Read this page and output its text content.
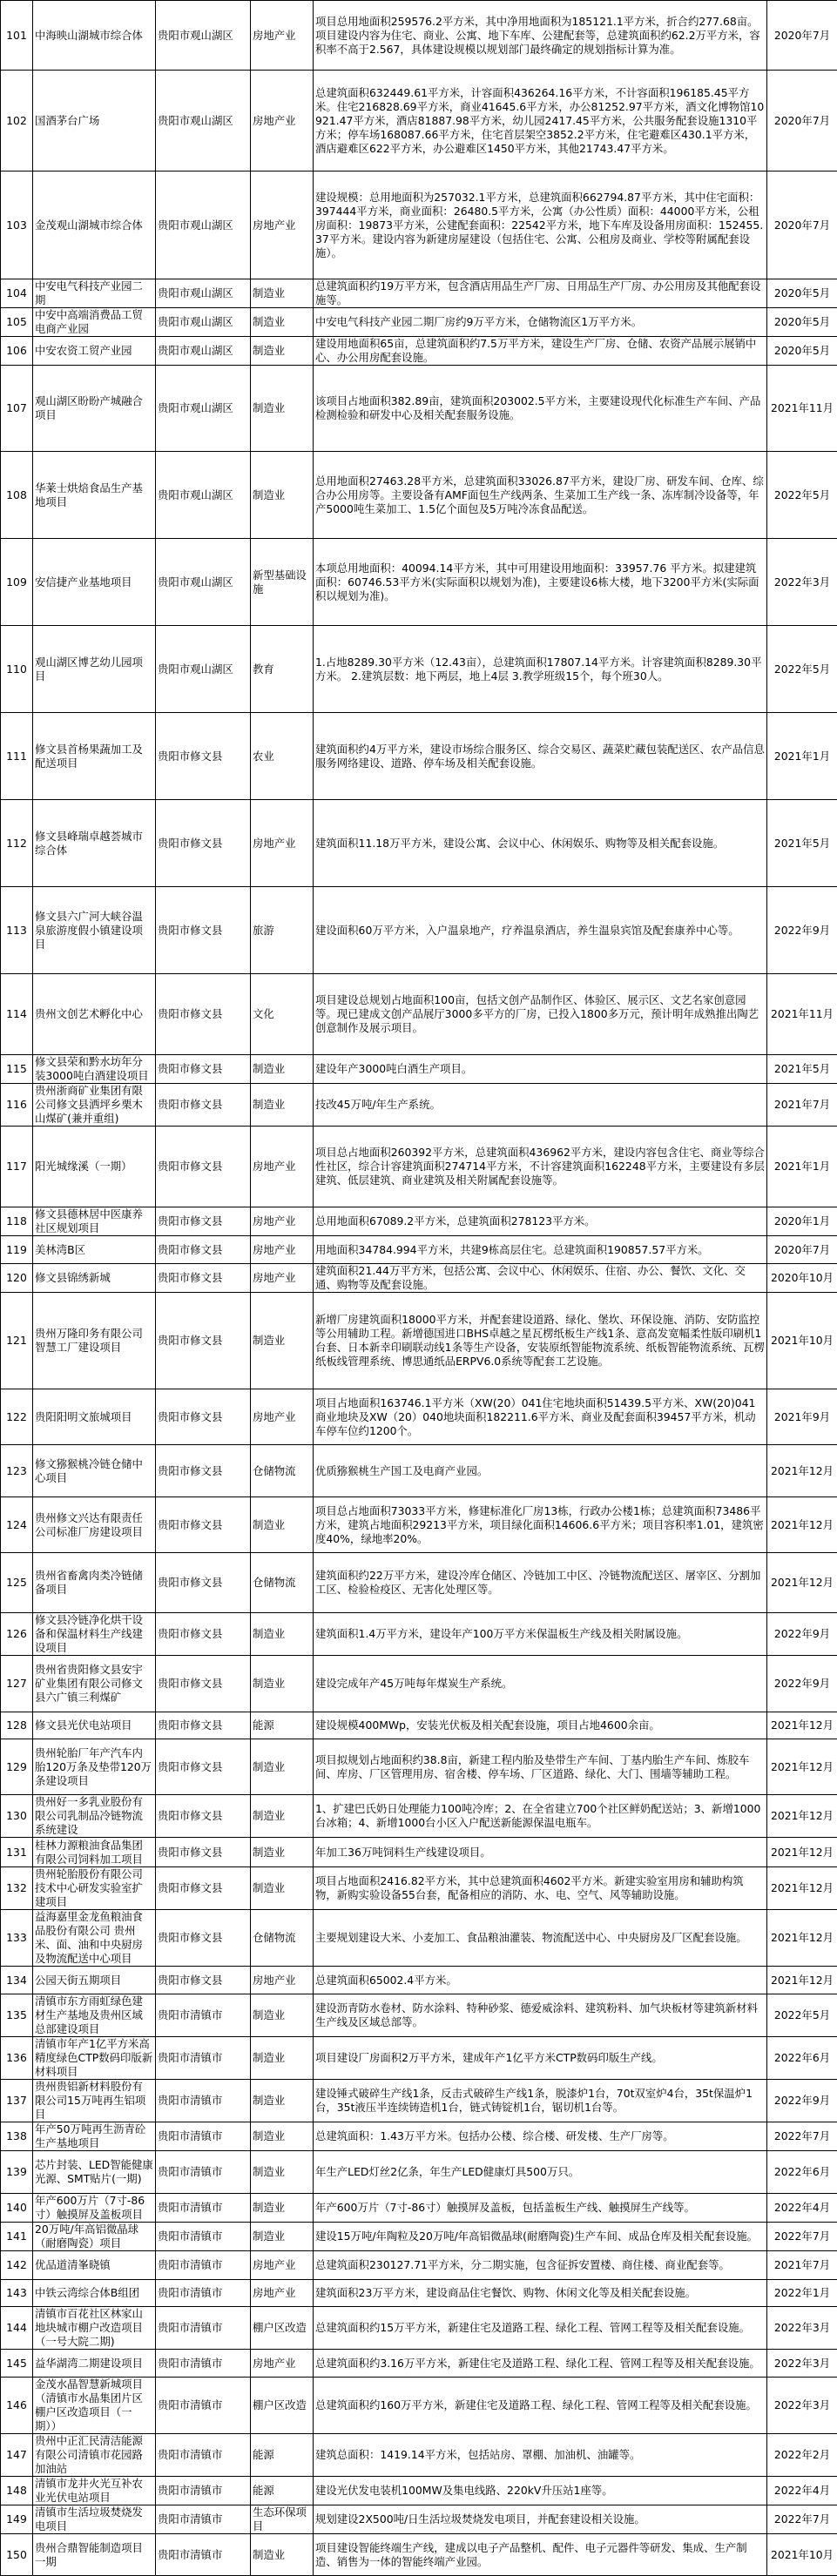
101	中海映山湖城市综合体	贵阳市观山湖区	房地产业	项目总用地面积259576.2平方米，其中净用地面积为185121.1平方米，折合约277.68亩。项目建设内容为住宅、商业、公寓、地下车库、公建配套等，总建筑面积约62.2万平方米，容积率不高于2.567，具体建设规模以规划部门最终确定的规划指标计算为准。	2020年7月
102	国酒茅台广场	贵阳市观山湖区	房地产业	总建筑面积632449.61平方米，计容面积436264.16平方米，不计容面积196185.45平方米。住宅216828.69平方米，商业41645.6平方米，办公81252.97平方米，酒文化博物馆10921.47平方米，酒店81887.98平方米，幼儿园2417.45平方米，公共服务配套设施1310平方米；停车场168087.66平方米，住宅首层架空3852.2平方米，住宅避难区430.1平方米，酒店避难区622平方米，办公避难区1450平方米，其他21743.47平方米。	2020年7月
103	金茂观山湖城市综合体	贵阳市观山湖区	房地产业	建设规模：总用地面积为257032.1平方米，总建筑面积662794.87平方米，其中住宅面积：397444平方米，商业面积：26480.5平方米，公寓（办公性质）面积：44000平方米，公租房面积：19873平方米，公建配套面积：22542平方米，地下车库及设备用房面积：152455.37平方米。建设内容为新建房屋建设（包括住宅、公寓、公租房及商业、学校等附属配套设施）。	2020年7月
104	中安电气科技产业园二期	贵阳市观山湖区	制造业	总建筑面积约19万平方米，包含酒店用品生产厂房、日用品生产厂房、办公用房及其他配套设施等。	2020年5月
105	中安中高端消费品工贸电商产业园	贵阳市观山湖区	制造业	中安电气科技产业园二期厂房约9万平方米，仓储物流区1万平方米。	2020年5月
106	中安农资工贸产业园	贵阳市观山湖区	制造业	建设用地面积65亩，总建筑面积约7.5万平方米，建设生产厂房、仓储、农资产品展示展销中心、办公用房配套设施。	2020年5月
107	观山湖区盼盼产城融合项目	贵阳市观山湖区	制造业	该项目占地面积382.89亩，建筑面积203002.5平方米，主要建设现代化标准生产车间、产品检测检验和研发中心及相关配套服务设施。	2021年11月
108	华莱士烘焙食品生产基地项目	贵阳市观山湖区	制造业	总用地面积27463.28平方米，总建筑面积33026.87平方米，建设厂房、研发车间、仓库、综合办公用房等。主要设备有AMF面包生产线两条、生菜加工生产线一条、冻库制冷设备等，年产5000吨生菜加工、1.5亿个面包及5万吨冷冻食品配送。	2022年5月
109	安信捷产业基地项目	贵阳市观山湖区	新型基础设施	本项总用地面积：40094.14平方米，其中可用建设用地面积：33957.76 平方米。拟建建筑面积：60746.53平方米(实际面积以规划为准)，主要建设6栋大楼，地下3200平方米(实际面积以规划为准)。	2022年3月
110	观山湖区博艺幼儿园项目	贵阳市观山湖区	教育	1.占地8289.30平方米（12.43亩），总建筑面积17807.14平方米。计容建筑面积8289.30平方米。 2.建筑层数：地下两层，地上4层 3.教学班级15个，每个班30人。	2022年5月
111	修文县首杨果蔬加工及配送项目	贵阳市修文县	农业	建筑面积约4万平方米，建设市场综合服务区、综合交易区、蔬菜贮藏包装配送区、农产品信息服务网络建设、道路、停车场及相关配套设施。	2021年1月
112	修文县峰瑞卓越荟城市综合体	贵阳市修文县	房地产业	建筑面积11.18万平方米，建设公寓、会议中心、休闲娱乐、购物等及相关配套设施。	2021年5月
113	修文县六广河大峡谷温泉旅游度假小镇建设项目	贵阳市修文县	旅游	建设面积60万平方米，入户温泉地产，疗养温泉酒店，养生温泉宾馆及配套康养中心等。	2022年9月
114	贵州文创艺术孵化中心	贵阳市修文县	文化	项目建设总规划占地面积100亩，包括文创产品制作区、体验区、展示区、文艺名家创意园等。现已建成文创产品展厅3000多平方的厂房，已投入1800多万元，预计明年成熟推出陶艺创意制作及展示项目。	2021年11月
115	修文县荣和黔水坊年分装3000吨白酒建设项目	贵阳市修文县	制造业	建设年产3000吨白酒生产项目。	2021年5月
116	贵州浙商矿业集团有限公司修文县洒坪乡栗木山煤矿(兼并重组)	贵阳市修文县	制造业	技改45万吨/年生产系统。	2021年7月
117	阳光城缘溪（一期）	贵阳市修文县	房地产业	项目总占地面积260392平方米，总建筑面积436962平方米，建设内容包含住宅、商业等综合性社区，综合计容建筑面积274714平方米，不计容建筑面积162248平方米，主要建设有多层建筑、低层建筑、商业建筑及相关附属配套设施等。	2021年1月
118	修文县德林居中医康养社区规划项目	贵阳市修文县	房地产业	总用地面积67089.2平方米，总建筑面积278123平方米。	2020年1月
119	美林湾B区	贵阳市修文县	房地产业	用地面积34784.994平方米，共建9栋高层住宅。总建筑面积190857.57平方米。	2020年7月
120	修文县锦绣新城	贵阳市修文县	房地产业	建筑面积21.44万平方米，包括公寓、会议中心、休闲娱乐、住宿、办公、餐饮、文化、交通、购物等及配套设施。	2020年10月
121	贵州万隆印务有限公司智慧工厂建设项目	贵阳市修文县	制造业	新增厂房建筑面积18000平方米，并配套建设道路、绿化、堡坎、环保设施、消防、安防监控等公用辅助工程。新增德国进口BHS卓越之星瓦楞纸板生产线1条、意高发宽幅柔性版印刷机1台套、日本新幸印刷联动线1条等生产设备，安装原纸智能物流系统、纸板智能物流系统、瓦楞纸板线管理系统、博思通纸品ERPV6.0系统等配套工艺设施。	2021年10月
122	贵阳阳明文旅城项目	贵阳市修文县	房地产业	项目占地面积163746.1平方米（XW(20）041住宅地块面积51439.5平方米、XW(20)041商业地块及XW（20）040地块面积182211.6平方米、商业及配套面积39457平方米，机动车停车位约1200个。	2021年9月
123	修文猕猴桃冷链仓储中心项目	贵阳市修文县	仓储物流	优质猕猴桃生产国工及电商产业园。	2021年12月
124	贵州修文兴达有限责任公司标准厂房建设项目	贵阳市修文县	制造业	项目总占地面积73033平方米，修建标准化厂房13栋，行政办公楼1栋；总建筑面积73486平方米，建筑占地面积29213平方米，项目绿化面积14606.6平方米；项目容积率1.01，建筑密度40%，绿地率20%。	2021年12月
125	贵州省畜禽肉类冷链储备项目	贵阳市修文县	仓储物流	建筑面积约22万平方米，建设冷库仓储区、冷链加工中区、冷链物流配送区、屠宰区、分割加工区、检验检疫区、无害化处理区等。	2021年12月
126	修文县冷链净化烘干设备和保温材料生产线建设项目	贵阳市修文县	制造业	建筑面积1.4万平方米，建设年产100万平方米保温板生产线及相关附属设施。	2022年9月
127	贵州省贵阳修文县安宇矿业集团有限公司修文县六广镇三利煤矿	贵阳市修文县	制造业	建设完成年产45万吨每年煤炭生产系统。	2022年9月
128	修文县光伏电站项目	贵阳市修文县	能源	建设规模400MWp，安装光伏板及相关配套设施，项目占地4600余亩。	2021年12月
129	贵州轮胎厂年产汽车内胎120万条及垫带120万条建设项目	贵阳市修文县	制造业	项目拟规划占地面积约38.8亩，新建工程内胎及垫带生产车间、丁基内胎生产车间、炼胶车间、库房、厂区管理用房、宿舍楼、停车场、厂区道路、绿化、大门、围墙等辅助工程。	2021年12月
130	贵州好一多乳业股份有限公司乳制品冷链物流系统建设	贵阳市修文县	制造业	1、扩建巴氏奶日处理能力100吨冷库；2、在全省建立700个社区鲜奶配送站；3、新增1000台冰箱；4、新增1000台小区入户配送新能源保温电瓶车。	2021年12月
131	桂林力源粮油食品集团有限公司饲料加工项目	贵阳市修文县	制造业	年加工36万吨饲料生产线建设项目。	2021年12月
132	贵州轮胎股份有限公司技术中心研发实验室扩建项目	贵阳市修文县	制造业	项目占地面积2416.82平方米，其中总建筑面积4602平方米。新建实验室用房和辅助构筑物，新购实验设备55台套，配备相应的消防、水、电、空气、风等辅助设施。	2021年12月
133	益海嘉里金龙鱼粮油食品股份有限公司 贵州米、面、油和中央厨房及物流配送中心项目	贵阳市修文县	仓储物流	主要规划建设大米、小麦加工、食品粮油灌装、物流配送中心、中央厨房及厂区配套设施。	2021年12月
134	公园天街五期项目	贵阳市修文县	房地产业	总建筑面积65002.4平方米。	2021年12月
135	清镇市东方雨虹绿色建材生产基地及贵州区域总部建设项目	贵阳市清镇市	制造业	建设沥青防水卷材、防水涂料、特种砂浆、德爱威涂料、建筑粉料、加气块板材等建筑新材料生产线及区域总部等。	2022年5月
136	清镇市年产1亿平方米高精度绿色CTP数码印版新材料项目	贵阳市清镇市	制造业	项目建设厂房面积2万平方米，建成年产1亿平方米CTP数码印版生产线。	2022年6月
137	贵州贵铝新材料股份有限公司15万吨再生铝项目	贵阳市清镇市	制造业	建设锤式破碎生产线1条，反击式破碎生产线1条，脱漆炉1台，70t双室炉4台，35t保温炉1台，35t液压半连续铸造机1台，链式铸锭机1台，锯切机1台等。	2022年9月
138	年产50万吨再生沥青砼生产基地项目	贵阳市清镇市	制造业	总建筑面积：1.43万平方米。包括办公楼、综合楼、研发楼、生产厂房等。	2022年7月
139	芯片封装、LED智能健康光源、SMT贴片(一期)	贵阳市清镇市	制造业	年生产LED灯丝2亿条，年生产LED健康灯具500万只。	2022年6月
140	年产600万片（7寸-86寸）触摸屏及盖板项目	贵阳市清镇市	制造业	年产600万片（7寸-86寸）触摸屏及盖板，包括盖板生产线、触摸屏生产线等。	2022年4月
141	20万吨/年高铝微晶球（耐磨陶瓷）项目	贵阳市清镇市	制造业	建设15万吨/年陶粒及20万吨/年高铝微晶球(耐磨陶瓷)生产车间、成品仓库及相关配套设施。	2022年7月
142	优品道清峯晓镇	贵阳市清镇市	房地产业	总建筑面积230127.71平方米，分二期实施，包含征拆安置楼、商住楼、商业配套等。	2021年7月
143	中铁云湾综合体B组团	贵阳市清镇市	房地产业	建筑面积23万平方米，建设商品住宅餐饮、购物、休闲文化等及相关配套设施。	2022年1月
144	清镇市百花社区林家山地块城市棚户改造项目（一号大院二期)	贵阳市清镇市	棚户区改造	总建筑面积约15万平方米，新建住宅及道路工程、绿化工程、管网工程等及相关配套设施。	2022年3月
145	益华湖湾二期建设项目	贵阳市清镇市	房地产业	总建筑面积约3.16万平方米，新建住宅及道路工程、绿化工程、管网工程等及相关配套设施。	2022年3月
146	金茂水晶智慧新城项目（清镇市水晶集团片区棚户区改造项目（一期））	贵阳市清镇市	棚户区改造	总建筑面积约160万平方米，新建住宅及道路工程、绿化工程、管网工程等及相关配套设施。	2022年3月
147	贵州中正汇民清洁能源有限公司清镇市花园路加油站	贵阳市清镇市	能源	建筑总面积：1419.14平方米，包括站房、罩棚、加油机、油罐等。	2022年2月
148	清镇市龙井火光互补农业光伏电站项目	贵阳市清镇市	能源	建设光伏发电装机100MW及集电线路、220kV升压站1座等。	2022年4月
149	清镇市生活垃圾焚烧发电项目	贵阳市清镇市	生态环保项目	规划建设2X500吨/日生活垃圾焚烧发电项目，并配套建设相关设施。	2022年7月
150	贵州合鼎智能制造项目一期	贵阳市清镇市	制造业	项目建设智能终端生产线，建成以电子产品整机、配件、电子元器件等研发、集成、生产制造、销售为一体的智能终端产业园。	2021年10月
